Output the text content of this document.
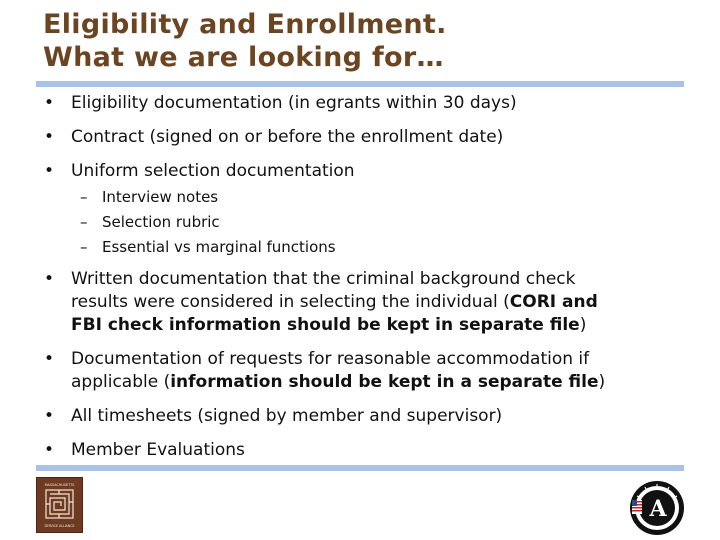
Eligibility and Enrollment.
What we are looking for…
• Eligibility documentation (in egrants within 30 days)
• Contract (signed on or before the enrollment date)
• Uniform selection documentation
– Interview notes
– Selection rubric
– Essential vs marginal functions
• Written documentation that the criminal background check
results were considered in selecting the individual (CORI and
FBI check information should be kept in separate file)
• Documentation of requests for reasonable accommodation if
applicable (information should be kept in a separate file)
• All timesheets (signed by member and supervisor)
• Member Evaluations
MASSACHUSETTS
SERVICE ALLIANCE
A
